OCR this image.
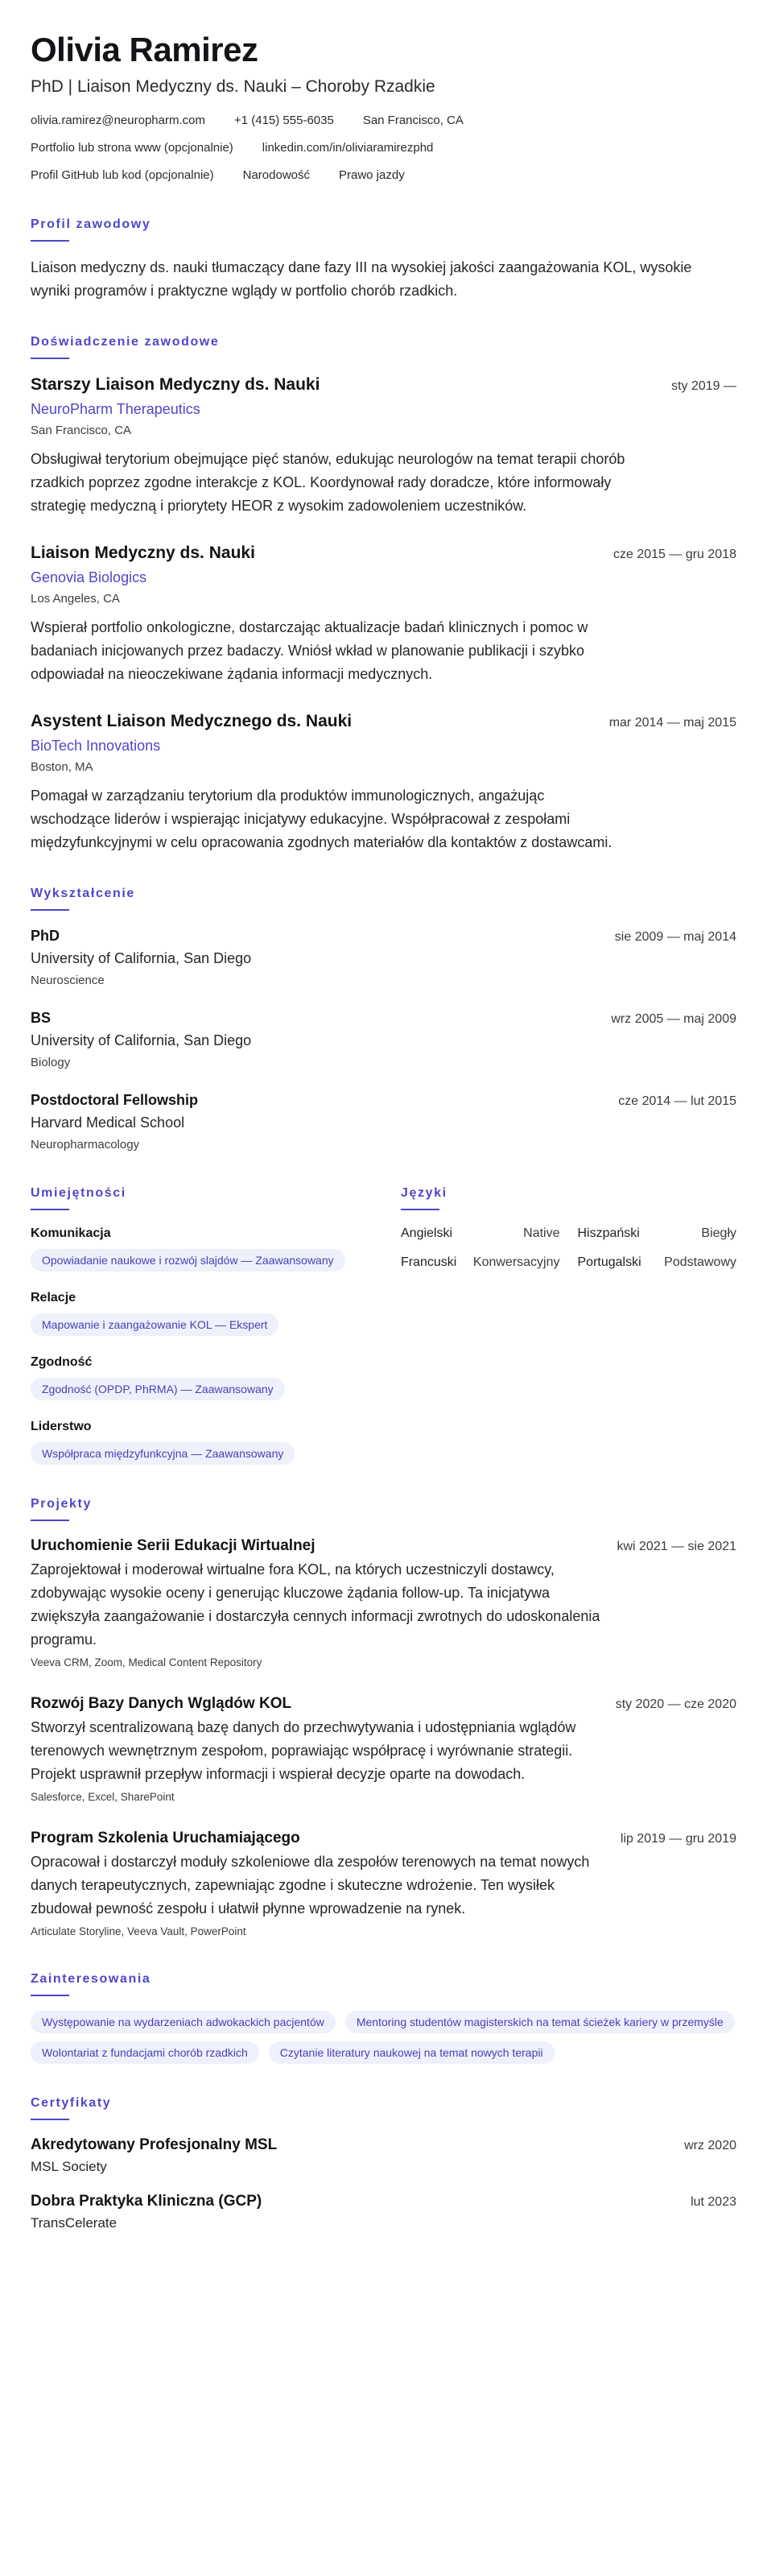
Olivia Ramirez
PhD | Liaison Medyczny ds. Nauki – Choroby Rzadkie
olivia.ramirez@neuropharm.com +1 (415) 555-6035 San Francisco, CA
Portfolio lub strona www (opcjonalnie) linkedin.com/in/oliviaramirezphd
Profil GitHub lub kod (opcjonalnie) Narodowość Prawo jazdy
Profil zawodowy

Liaison medyczny ds. nauki tłumaczący dane fazy III na wysokiej jakości zaangażowania KOL, wysokie wyniki programów i praktyczne wglądy w portfolio chorób rzadkich.

Doświadczenie zawodowe
Starszy Liaison Medyczny ds. Nauki	sty 2019 —
NeuroPharm Therapeutics
San Francisco, CA

Obsługiwał terytorium obejmujące pięć stanów, edukując neurologów na temat terapii chorób rzadkich poprzez zgodne interakcje z KOL. Koordynował rady doradcze, które informowały strategię medyczną i priorytety HEOR z wysokim zadowoleniem uczestników.

Liaison Medyczny ds. Nauki	cze 2015 — gru 2018
Genovia Biologics
Los Angeles, CA

Wspierał portfolio onkologiczne, dostarczając aktualizacje badań klinicznych i pomoc w badaniach inicjowanych przez badaczy. Wniósł wkład w planowanie publikacji i szybko odpowiadał na nieoczekiwane żądania informacji medycznych.

Asystent Liaison Medycznego ds. Nauki	mar 2014 — maj 2015
BioTech Innovations
Boston, MA

Pomagał w zarządzaniu terytorium dla produktów immunologicznych, angażując wschodzące liderów i wspierając inicjatywy edukacyjne. Współpracował z zespołami międzyfunkcyjnymi w celu opracowania zgodnych materiałów dla kontaktów z dostawcami.

Wykształcenie
PhD	sie 2009 — maj 2014
University of California, San Diego
Neuroscience
BS	wrz 2005 — maj 2009
University of California, San Diego
Biology
Postdoctoral Fellowship	cze 2014 — lut 2015
Harvard Medical School
Neuropharmacology
Umiejętności
Komunikacja
Opowiadanie naukowe i rozwój slajdów — Zaawansowany
Relacje
Mapowanie i zaangażowanie KOL — Ekspert
Zgodność
Zgodność (OPDP, PhRMA) — Zaawansowany
Liderstwo
Współpraca międzyfunkcyjna — Zaawansowany
Języki
Angielski	Native Hiszpański	Biegły
Francuski Konwersacyjny Portugalski Podstawowy
Projekty
Uruchomienie Serii Edukacji Wirtualnej	kwi 2021 — sie 2021

Zaprojektował i moderował wirtualne fora KOL, na których uczestniczyli dostawcy, zdobywając wysokie oceny i generując kluczowe żądania follow-up. Ta inicjatywa zwiększyła zaangażowanie i dostarczyła cennych informacji zwrotnych do udoskonalenia programu.

Veeva CRM, Zoom, Medical Content Repository
Rozwój Bazy Danych Wglądów KOL	sty 2020 — cze 2020

Stworzył scentralizowaną bazę danych do przechwytywania i udostępniania wglądów terenowych wewnętrznym zespołom, poprawiając współpracę i wyrównanie strategii. Projekt usprawnił przepływ informacji i wspierał decyzje oparte na dowodach.

Salesforce, Excel, SharePoint
Program Szkolenia Uruchamiającego	lip 2019 — gru 2019

Opracował i dostarczył moduły szkoleniowe dla zespołów terenowych na temat nowych danych terapeutycznych, zapewniając zgodne i skuteczne wdrożenie. Ten wysiłek zbudował pewność zespołu i ułatwił płynne wprowadzenie na rynek.

Articulate Storyline, Veeva Vault, PowerPoint
Zainteresowania
Występowanie na wydarzeniach adwokackich pacjentów	Mentoring studentów magisterskich na temat ścieżek kariery w przemyśle
Wolontariat z fundacjami chorób rzadkich	Czytanie literatury naukowej na temat nowych terapii
Certyfikaty
Akredytowany Profesjonalny MSL	wrz 2020
MSL Society
Dobra Praktyka Kliniczna (GCP)	lut 2023
TransCelerate
